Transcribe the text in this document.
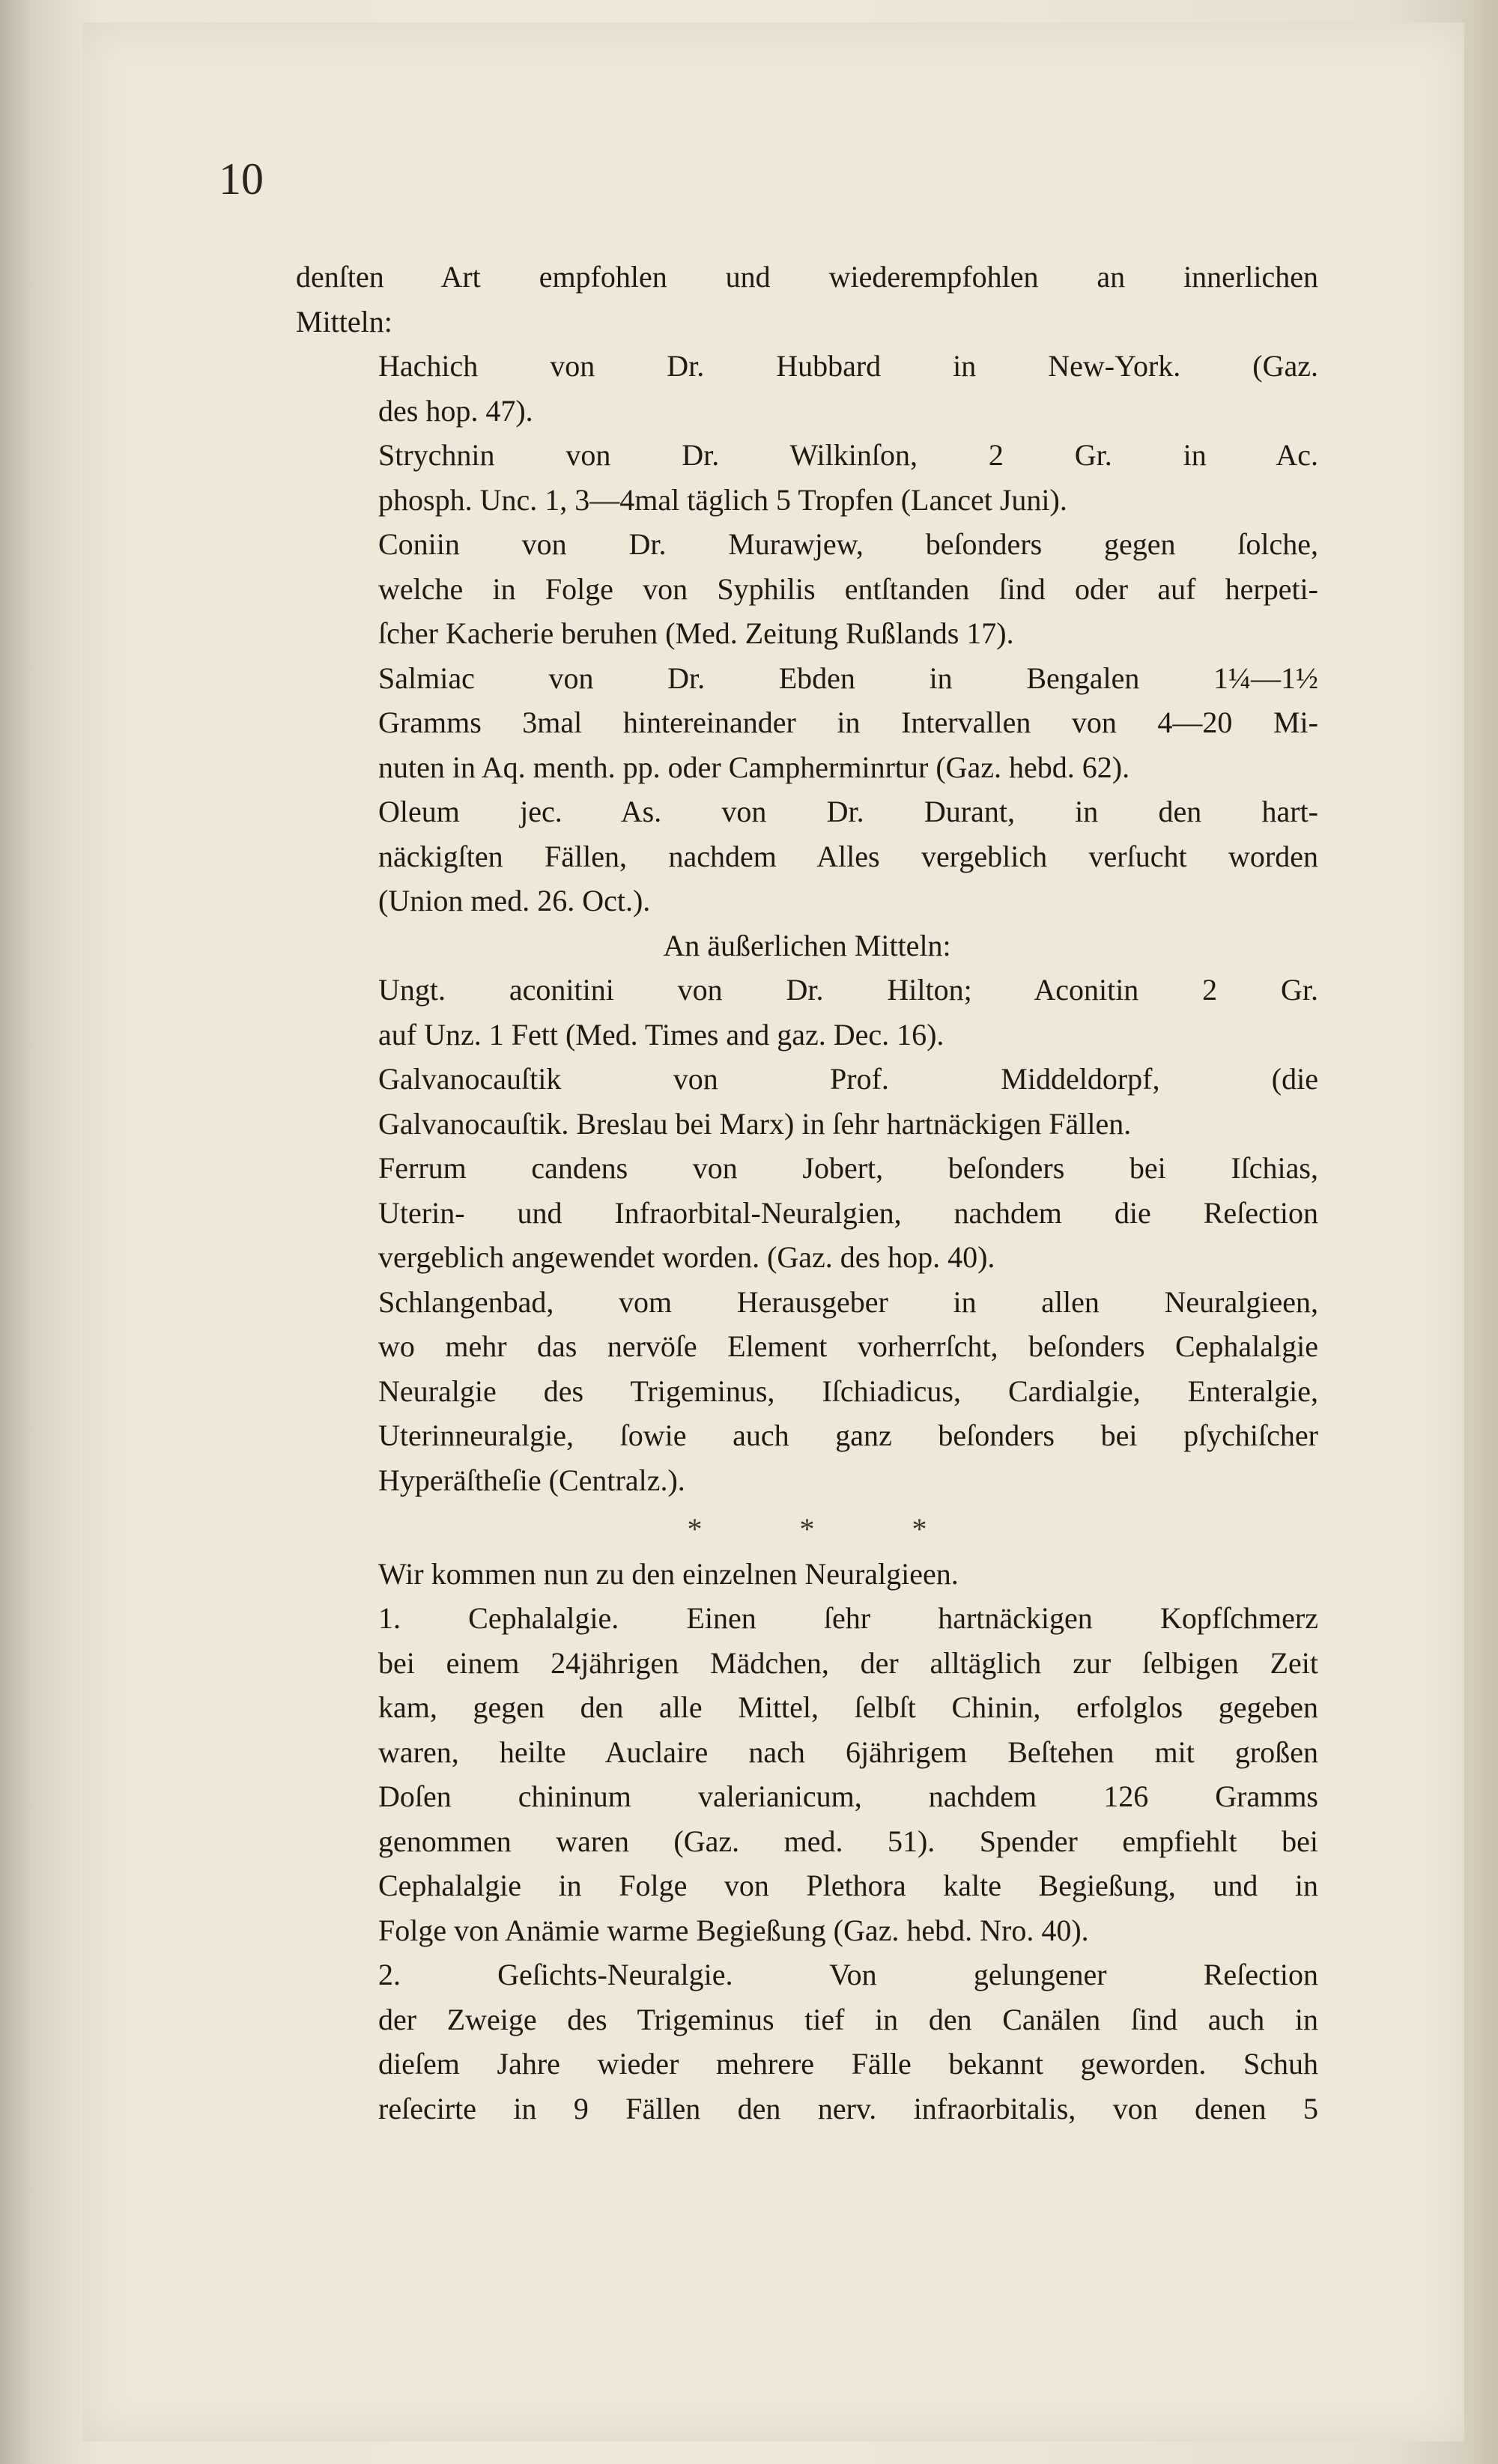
10
denſten Art empfohlen und wiederempfohlen an innerlichen
Mitteln:
Hachich von Dr. Hubbard in New-York. (Gaz.
des hop. 47).
Strychnin von Dr. Wilkinſon, 2 Gr. in Ac.
phosph. Unc. 1, 3—4mal täglich 5 Tropfen (Lancet Juni).
Coniin von Dr. Murawjew, beſonders gegen ſolche,
welche in Folge von Syphilis entſtanden ſind oder auf herpeti-
ſcher Kacherie beruhen (Med. Zeitung Rußlands 17).
Salmiac von Dr. Ebden in Bengalen 1¼—1½
Gramms 3mal hintereinander in Intervallen von 4—20 Mi-
nuten in Aq. menth. pp. oder Campherminrtur (Gaz. hebd. 62).
Oleum jec. As. von Dr. Durant, in den hart-
näckigſten Fällen, nachdem Alles vergeblich verſucht worden
(Union med. 26. Oct.).
An äußerlichen Mitteln:
Ungt. aconitini von Dr. Hilton; Aconitin 2 Gr.
auf Unz. 1 Fett (Med. Times and gaz. Dec. 16).
Galvanocauſtik von Prof. Middeldorpf, (die
Galvanocauſtik. Breslau bei Marx) in ſehr hartnäckigen Fällen.
Ferrum candens von Jobert, beſonders bei Iſchias,
Uterin- und Infraorbital-Neuralgien, nachdem die Reſection
vergeblich angewendet worden. (Gaz. des hop. 40).
Schlangenbad, vom Herausgeber in allen Neuralgieen,
wo mehr das nervöſe Element vorherrſcht, beſonders Cephalalgie
Neuralgie des Trigeminus, Iſchiadicus, Cardialgie, Enteralgie,
Uterinneuralgie, ſowie auch ganz beſonders bei pſychiſcher
Hyperäſtheſie (Centralz.).
* * *
Wir kommen nun zu den einzelnen Neuralgieen.
1. Cephalalgie. Einen ſehr hartnäckigen Kopfſchmerz
bei einem 24jährigen Mädchen, der alltäglich zur ſelbigen Zeit
kam, gegen den alle Mittel, ſelbſt Chinin, erfolglos gegeben
waren, heilte Auclaire nach 6jährigem Beſtehen mit großen
Doſen chininum valerianicum, nachdem 126 Gramms
genommen waren (Gaz. med. 51). Spender empfiehlt bei
Cephalalgie in Folge von Plethora kalte Begießung, und in
Folge von Anämie warme Begießung (Gaz. hebd. Nro. 40).
2. Geſichts-Neuralgie. Von gelungener Reſection
der Zweige des Trigeminus tief in den Canälen ſind auch in
dieſem Jahre wieder mehrere Fälle bekannt geworden. Schuh
reſecirte in 9 Fällen den nerv. infraorbitalis, von denen 5
